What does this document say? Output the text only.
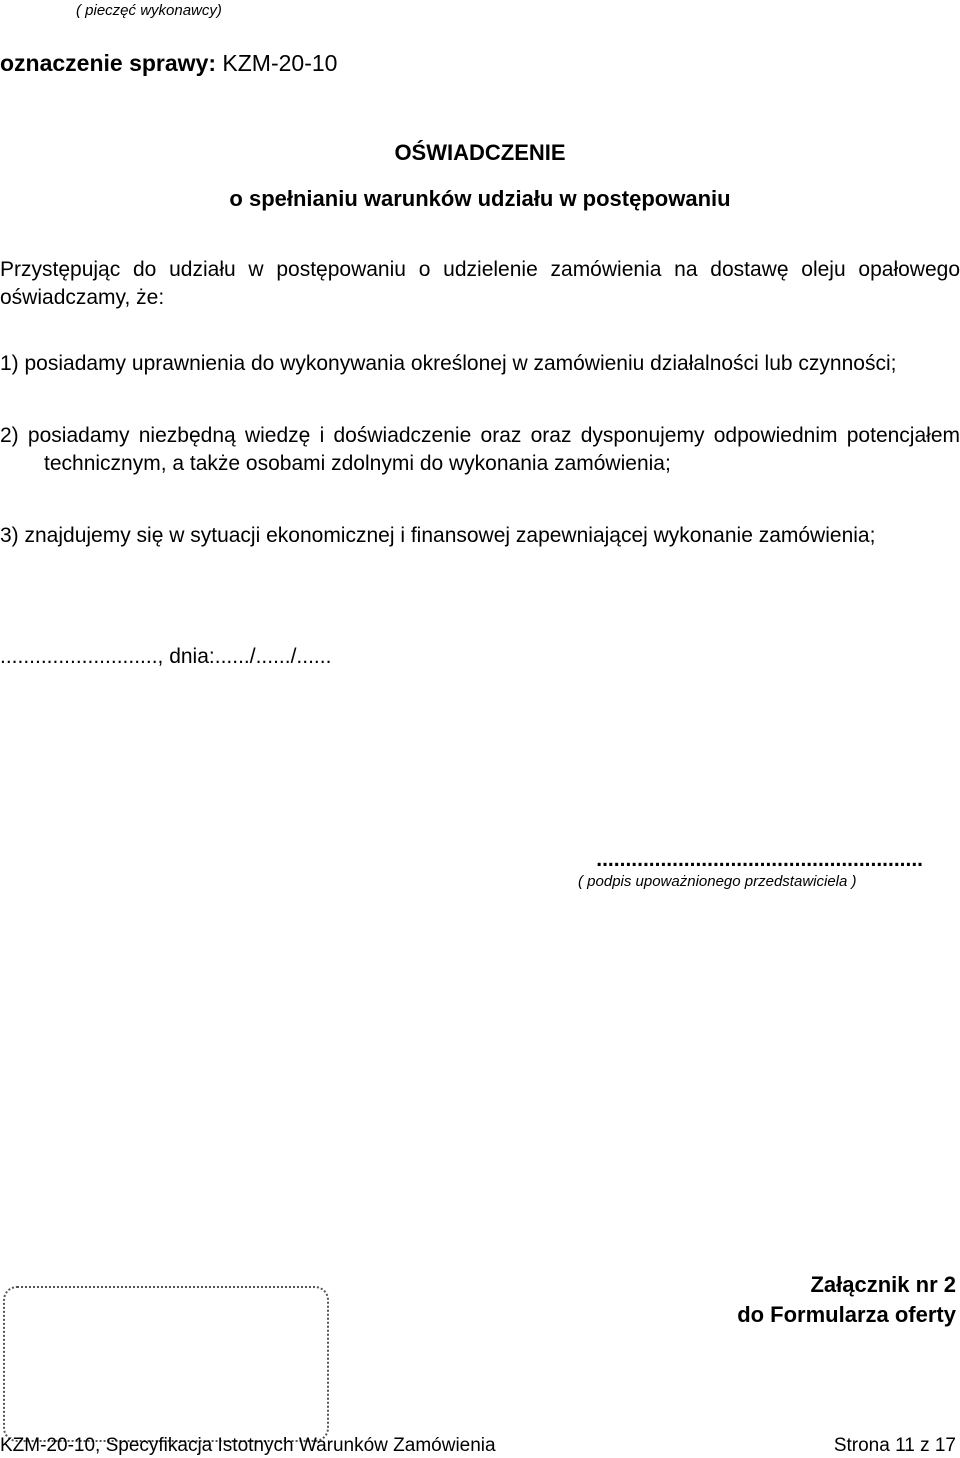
( pieczęć wykonawcy)
oznaczenie sprawy: KZM-20-10
OŚWIADCZENIE
o spełnianiu warunków udziału w postępowaniu
Przystępując do udziału w postępowaniu o udzielenie zamówienia na dostawę oleju opałowego oświadczamy, że:
1) posiadamy uprawnienia do wykonywania określonej w zamówieniu działalności lub czynności;
2) posiadamy niezbędną wiedzę i doświadczenie oraz oraz dysponujemy odpowiednim potencjałem technicznym, a także osobami zdolnymi do wykonania zamówienia;
3) znajdujemy się w sytuacji ekonomicznej i finansowej zapewniającej wykonanie zamówienia;
..........................., dnia:....../....../......
........................................................
( podpis upoważnionego przedstawiciela )
Załącznik nr 2
do Formularza oferty
KZM-20-10, Specyfikacja Istotnych Warunków Zamówienia	Strona 11 z 17
